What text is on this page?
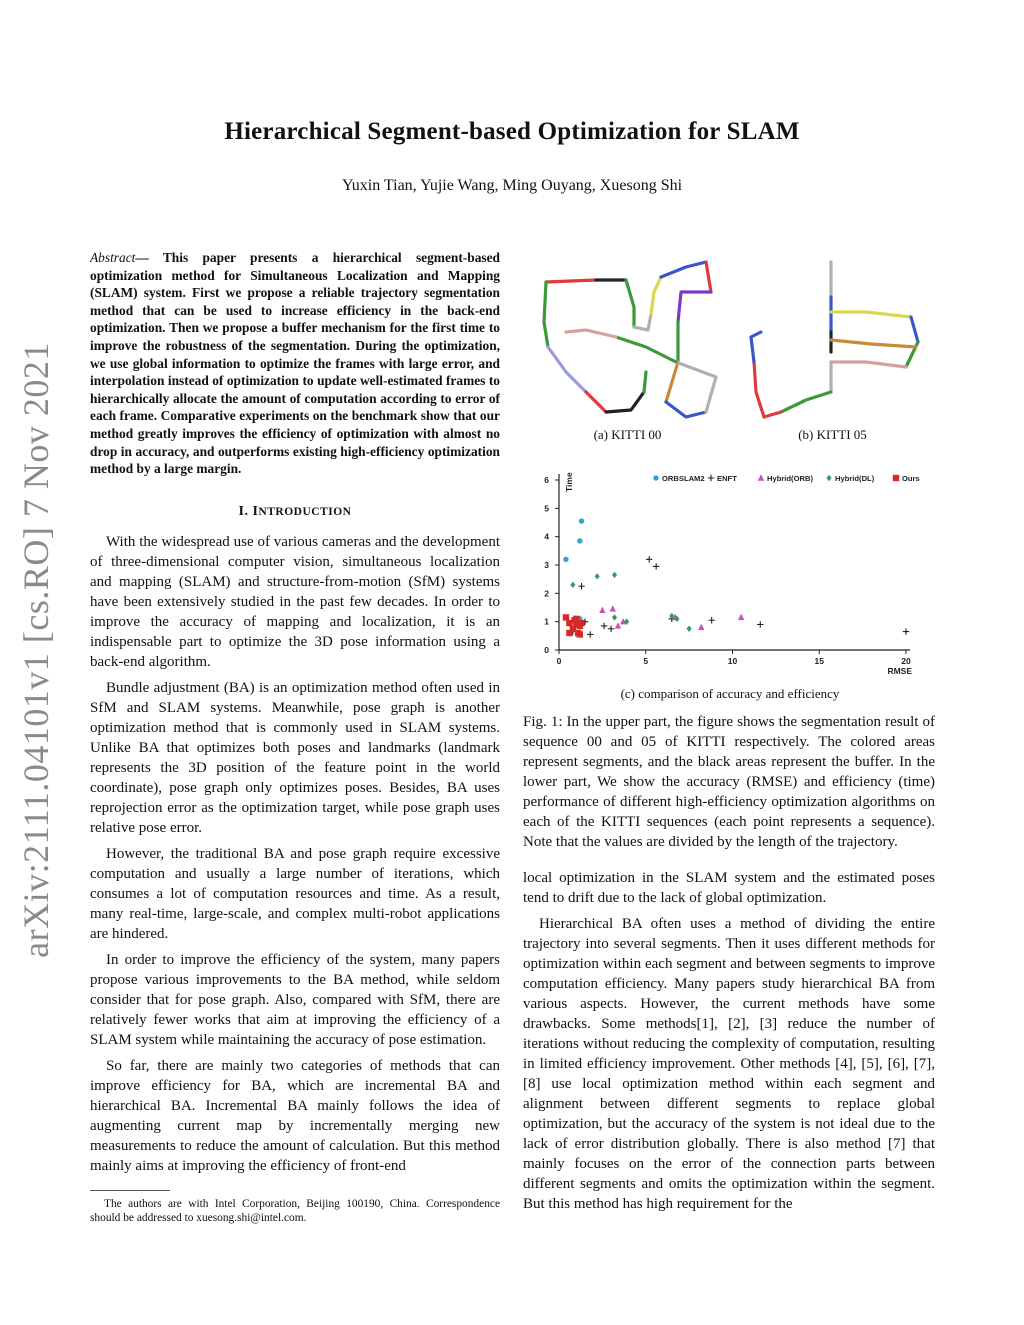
arXiv:2111.04101v1 [cs.RO] 7 Nov 2021
Hierarchical Segment-based Optimization for SLAM
Yuxin Tian, Yujie Wang, Ming Ouyang, Xuesong Shi

Abstract— This paper presents a hierarchical segment-based optimization method for Simultaneous Localization and Mapping (SLAM) system. First we propose a reliable trajectory segmentation method that can be used to increase efficiency in the back-end optimization. Then we propose a buffer mechanism for the first time to improve the robustness of the segmentation. During the optimization, we use global information to optimize the frames with large error, and interpolation instead of optimization to update well-estimated frames to hierarchically allocate the amount of computation according to error of each frame. Comparative experiments on the benchmark show that our method greatly improves the efficiency of optimization with almost no drop in accuracy, and outperforms existing high-efficiency optimization method by a large margin.

I. INTRODUCTION

With the widespread use of various cameras and the development of three-dimensional computer vision, simultaneous localization and mapping (SLAM) and structure-from-motion (SfM) systems have been extensively studied in the past few decades. In order to improve the accuracy of mapping and localization, it is an indispensable part to optimize the 3D pose information using a back-end algorithm.

Bundle adjustment (BA) is an optimization method often used in SfM and SLAM systems. Meanwhile, pose graph is another optimization method that is commonly used in SLAM systems. Unlike BA that optimizes both poses and landmarks (landmark represents the 3D position of the feature point in the world coordinate), pose graph only optimizes poses. Besides, BA uses reprojection error as the optimization target, while pose graph uses relative pose error.

However, the traditional BA and pose graph require excessive computation and usually a large number of iterations, which consumes a lot of computation resources and time. As a result, many real-time, large-scale, and complex multi-robot applications are hindered.

In order to improve the efficiency of the system, many papers propose various improvements to the BA method, while seldom consider that for pose graph. Also, compared with SfM, there are relatively fewer works that aim at improving the efficiency of a SLAM system while maintaining the accuracy of pose estimation.

So far, there are mainly two categories of methods that can improve efficiency for BA, which are incremental BA and hierarchical BA. Incremental BA mainly follows the idea of augmenting current map by incrementally merging new measurements to reduce the amount of calculation. But this method mainly aims at improving the efficiency of front-end

The authors are with Intel Corporation, Beijing 100190, China. Correspondence should be addressed to xuesong.shi@intel.com.

(a) KITTI 00	(b) KITTI 05
0	5	10	15	20
0
1
2
3
4
5
6
RMSE
Time	ORBSLAM2 ENFT	Hybrid(ORB)	Hybrid(DL)	Ours
(c) comparison of accuracy and efficiency

Fig. 1: In the upper part, the figure shows the segmentation result of sequence 00 and 05 of KITTI respectively. The colored areas represent segments, and the black areas represent the buffer. In the lower part, We show the accuracy (RMSE) and efficiency (time) performance of different high-efficiency optimization algorithms on each of the KITTI sequences (each point represents a sequence). Note that the values are divided by the length of the trajectory.

local optimization in the SLAM system and the estimated poses tend to drift due to the lack of global optimization.

Hierarchical BA often uses a method of dividing the entire trajectory into several segments. Then it uses different methods for optimization within each segment and between segments to improve computation efficiency. Many papers study hierarchical BA from various aspects. However, the current methods have some drawbacks. Some methods[1], [2], [3] reduce the number of iterations without reducing the complexity of computation, resulting in limited efficiency improvement. Other methods [4], [5], [6], [7], [8] use local optimization method within each segment and alignment between different segments to replace global optimization, but the accuracy of the system is not ideal due to the lack of error distribution globally. There is also method [7] that mainly focuses on the error of the connection parts between different segments and omits the optimization within the segment. But this method has high requirement for the
